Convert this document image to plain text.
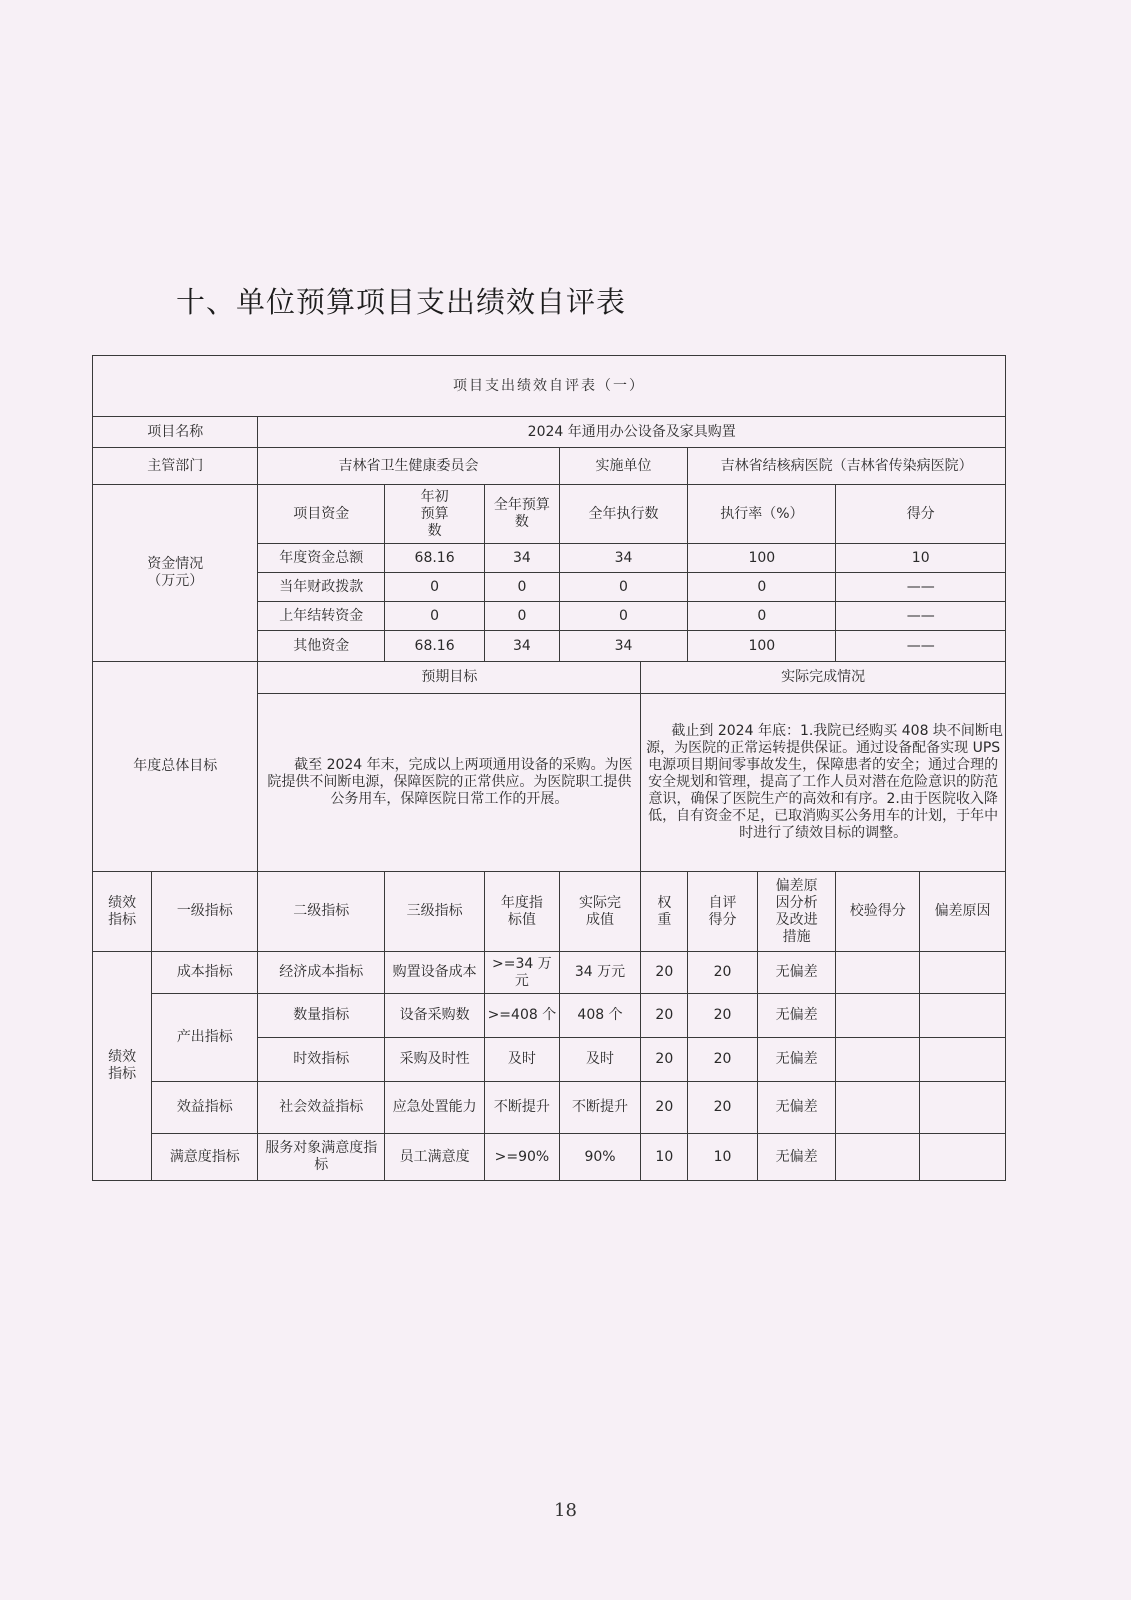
十、单位预算项目支出绩效自评表
项目支出绩效自评表（一）										
项目名称		2024 年通用办公设备及家具购置								
主管部门		吉林省卫生健康委员会			实施单位		吉林省结核病医院（吉林省传染病医院）			
资金情况（万元）		项目资金	年初预算数	全年预算数	全年执行数		执行率（%）		得分	
		年度资金总额	68.16	34	34		100		10	
		当年财政拨款	0	0	0		0		——	
		上年结转资金	0	0	0		0		——	
		其他资金	68.16	34	34		100		——	
年度总体目标		预期目标				实际完成情况				

		截至 2024 年末，完成以上两项通用设备的采购。为医院提供不间断电源，保障医院的正常供应。为医院职工提供公务用车，保障医院日常工作的开展。				截止到 2024 年底：1.我院已经购买 408 块不间断电源，为医院的正常运转提供保证。通过设备配备实现 UPS 电源项目期间零事故发生，保障患者的安全；通过合理的安全规划和管理，提高了工作人员对潜在危险意识的防范意识，确保了医院生产的高效和有序。2.由于医院收入降低，自有资金不足，已取消购买公务用车的计划，于年中时进行了绩效目标的调整。				

绩效指标	一级指标	二级指标	三级指标	年度指标值	实际完成值	权重	自评得分	偏差原因分析及改进措施	校验得分	偏差原因
绩效指标	成本指标	经济成本指标	购置设备成本	>=34 万元	34 万元	20	20	无偏差		
	产出指标	数量指标	设备采购数	>=408 个	408 个	20	20	无偏差		
		时效指标	采购及时性	及时	及时	20	20	无偏差		
	效益指标	社会效益指标	应急处置能力	不断提升	不断提升	20	20	无偏差		
	满意度指标	服务对象满意度指标	员工满意度	>=90%	90%	10	10	无偏差		
18
